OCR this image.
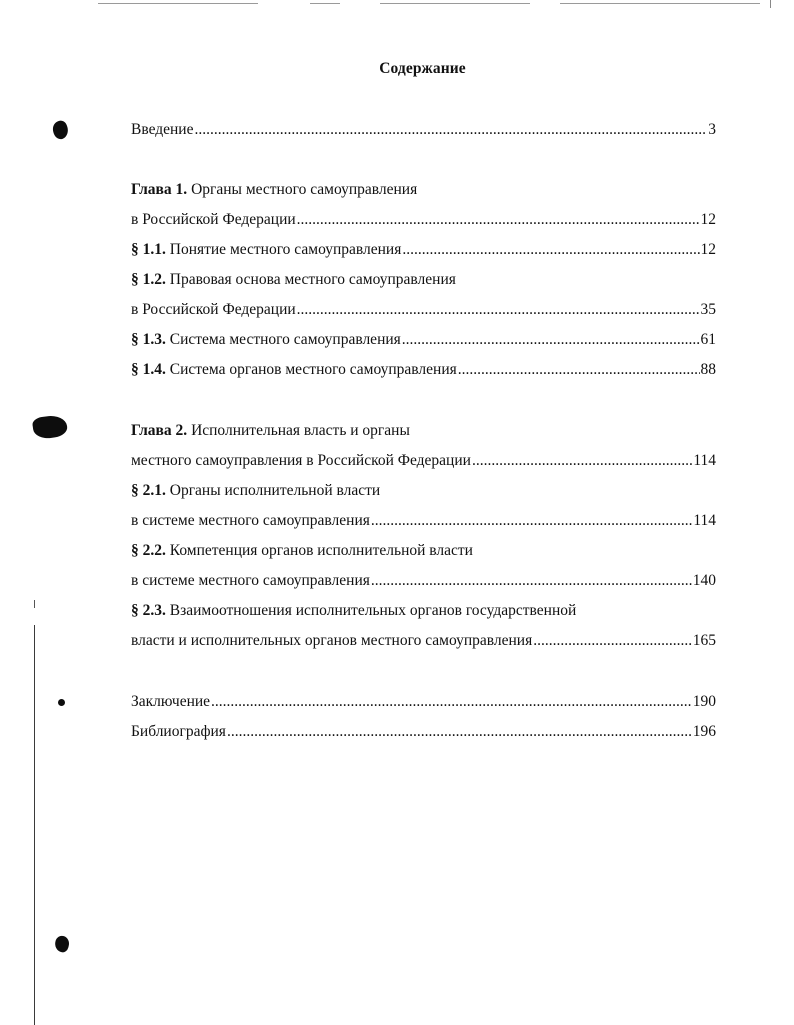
Содержание
Введение .....	3
Глава 1. Органы местного самоуправления
в Российской Федерации .....	12
§ 1.1. Понятие местного самоуправления .....	12
§ 1.2. Правовая основа местного самоуправления
в Российской Федерации .....	35
§ 1.3. Система местного самоуправления .....	61
§ 1.4. Система органов местного самоуправления .....	88
Глава 2. Исполнительная власть и органы
местного самоуправления в Российской Федерации .....	114
§ 2.1. Органы исполнительной власти
в системе местного самоуправления .....	114
§ 2.2. Компетенция органов исполнительной власти
в системе местного самоуправления .....	140
§ 2.3. Взаимоотношения исполнительных органов государственной
власти и исполнительных органов местного самоуправления .....	165
Заключение .....	190
Библиография .....	196
